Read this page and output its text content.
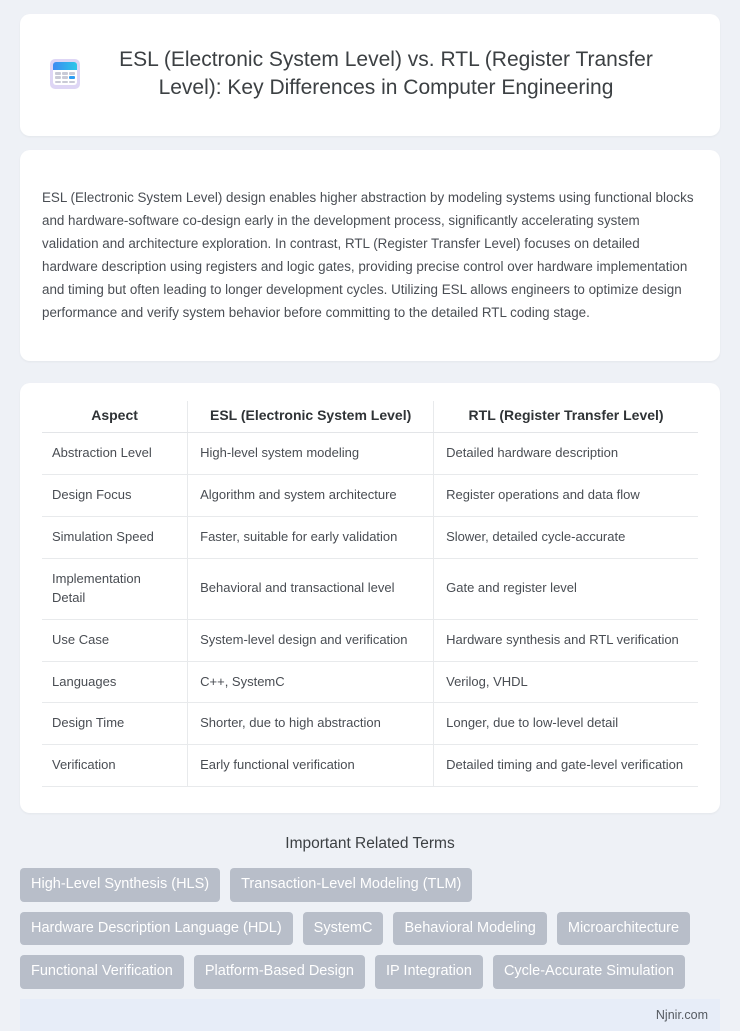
ESL (Electronic System Level) vs. RTL (Register Transfer Level): Key Differences in Computer Engineering

ESL (Electronic System Level) design enables higher abstraction by modeling systems using functional blocks and hardware-software co-design early in the development process, significantly accelerating system validation and architecture exploration. In contrast, RTL (Register Transfer Level) focuses on detailed hardware description using registers and logic gates, providing precise control over hardware implementation and timing but often leading to longer development cycles. Utilizing ESL allows engineers to optimize design performance and verify system behavior before committing to the detailed RTL coding stage.

Aspect	ESL (Electronic System Level)	RTL (Register Transfer Level)
Abstraction Level	High-level system modeling	Detailed hardware description
Design Focus	Algorithm and system architecture	Register operations and data flow
Simulation Speed	Faster, suitable for early validation	Slower, detailed cycle-accurate
Implementation Detail	Behavioral and transactional level	Gate and register level
Use Case	System-level design and verification	Hardware synthesis and RTL verification
Languages	C++, SystemC	Verilog, VHDL
Design Time	Shorter, due to high abstraction	Longer, due to low-level detail
Verification	Early functional verification	Detailed timing and gate-level verification
Important Related Terms
High-Level Synthesis (HLS)	Transaction-Level Modeling (TLM)
Hardware Description Language (HDL)	SystemC	Behavioral Modeling	Microarchitecture
Functional Verification	Platform-Based Design	IP Integration	Cycle-Accurate Simulation
Njnir.com
